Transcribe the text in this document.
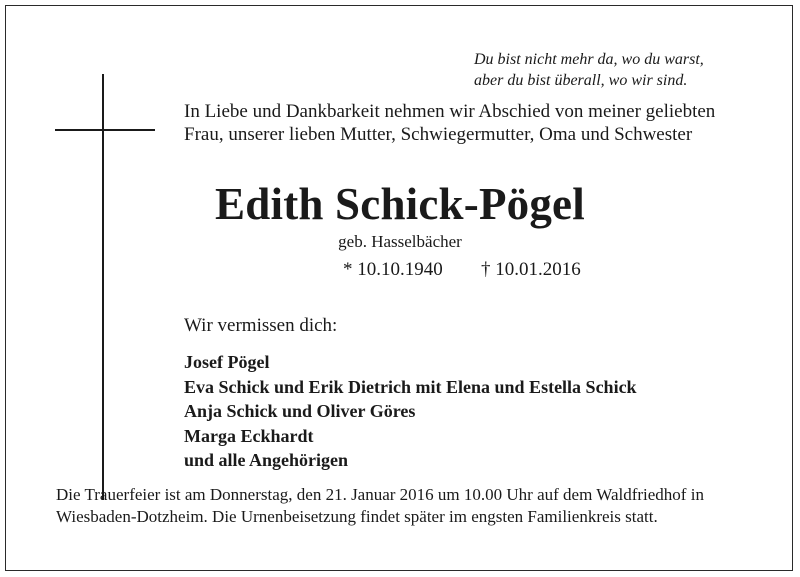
Du bist nicht mehr da, wo du warst,
aber du bist überall, wo wir sind.
In Liebe und Dankbarkeit nehmen wir Abschied von meiner geliebten
Frau, unserer lieben Mutter, Schwiegermutter, Oma und Schwester
Edith Schick-Pögel
geb. Hasselbächer
* 10.10.1940 † 10.01.2016
Wir vermissen dich:
Josef Pögel
Eva Schick und Erik Dietrich mit Elena und Estella Schick
Anja Schick und Oliver Göres
Marga Eckhardt
und alle Angehörigen
Die Trauerfeier ist am Donnerstag, den 21. Januar 2016 um 10.00 Uhr auf dem Waldfriedhof in
Wiesbaden-Dotzheim. Die Urnenbeisetzung findet später im engsten Familienkreis statt.
